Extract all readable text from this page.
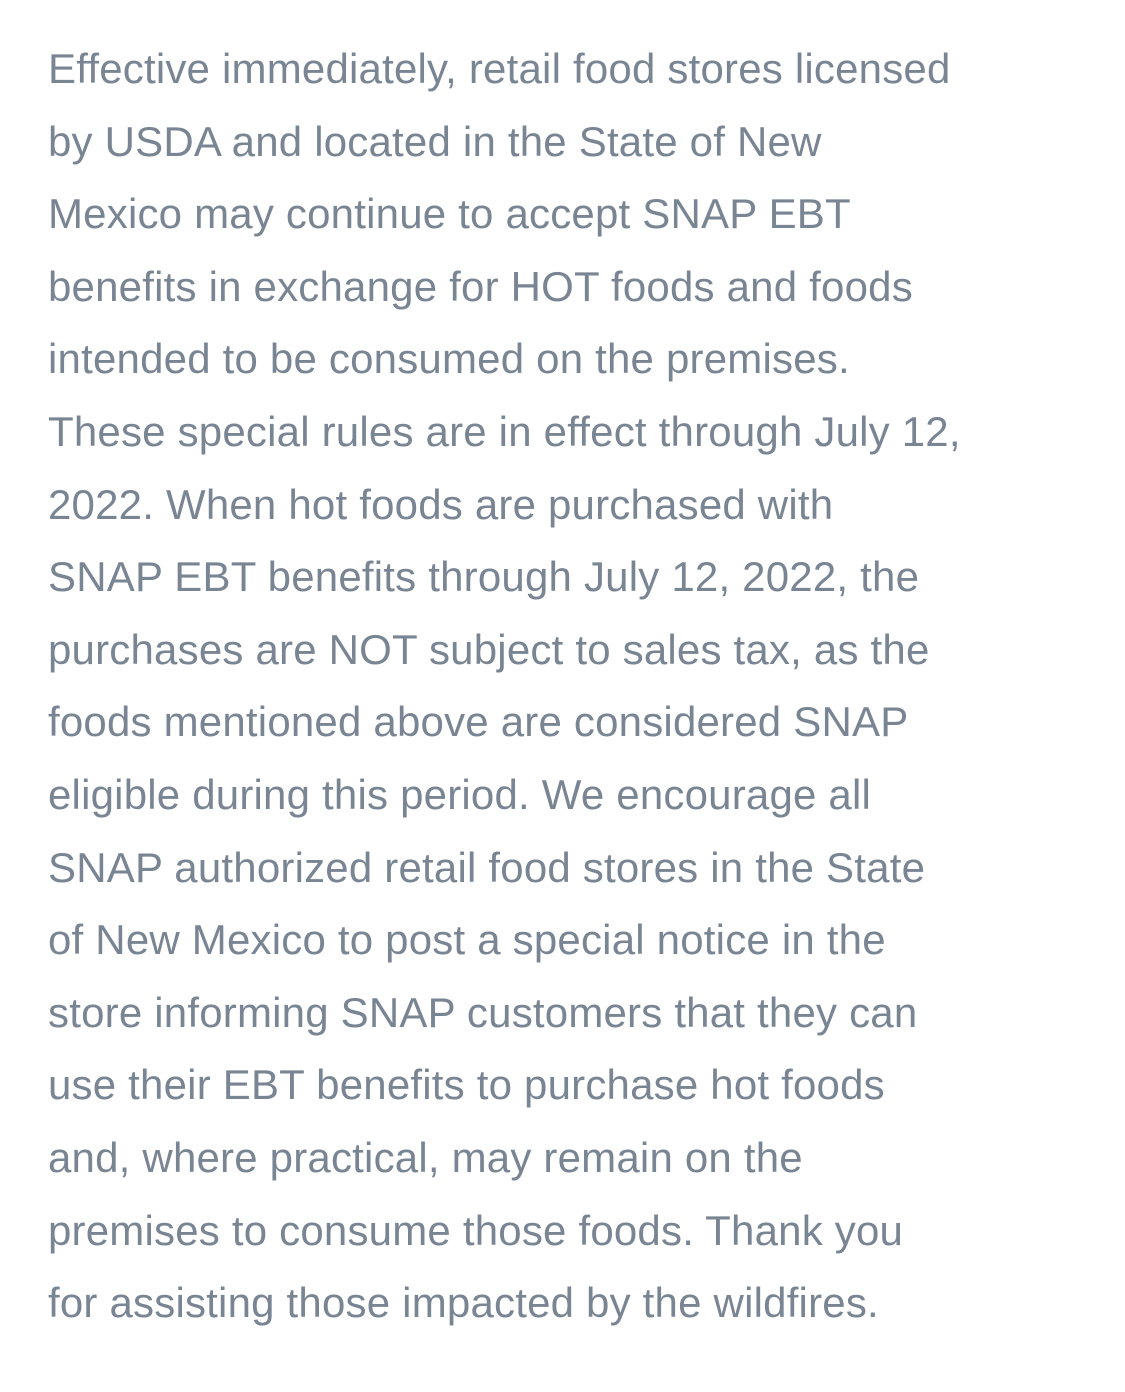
Effective immediately, retail food stores licensed
by USDA and located in the State of New
Mexico may continue to accept SNAP EBT
benefits in exchange for HOT foods and foods
intended to be consumed on the premises.
These special rules are in effect through July 12,
2022. When hot foods are purchased with
SNAP EBT benefits through July 12, 2022, the
purchases are NOT subject to sales tax, as the
foods mentioned above are considered SNAP
eligible during this period. We encourage all
SNAP authorized retail food stores in the State
of New Mexico to post a special notice in the
store informing SNAP customers that they can
use their EBT benefits to purchase hot foods
and, where practical, may remain on the
premises to consume those foods. Thank you
for assisting those impacted by the wildfires.
